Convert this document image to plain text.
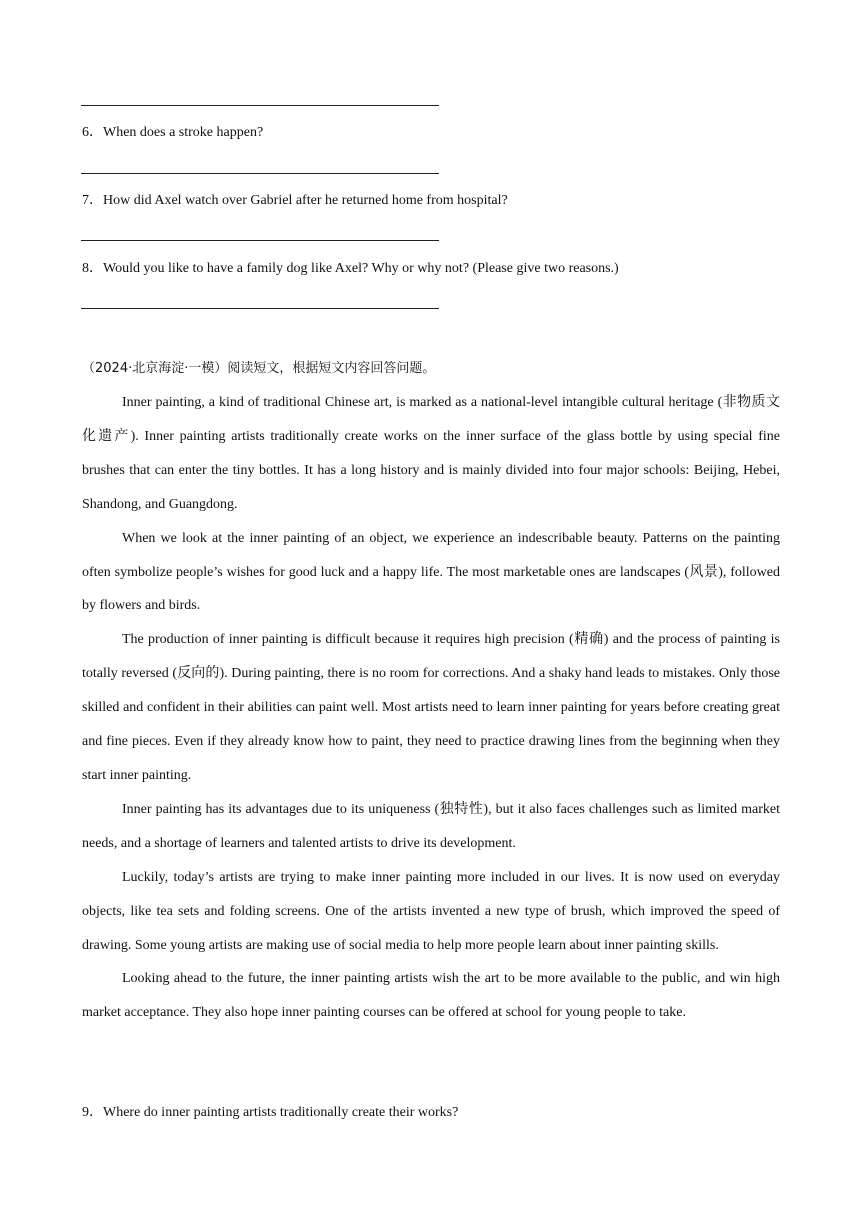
6．When does a stroke happen?
7．How did Axel watch over Gabriel after he returned home from hospital?
8．Would you like to have a family dog like Axel? Why or why not? (Please give two reasons.)
（2024·北京海淀·一模）阅读短文，根据短文内容回答问题。

Inner painting, a kind of traditional Chinese art, is marked as a national-level intangible cultural heritage (非物质文化遗产). Inner painting artists traditionally create works on the inner surface of the glass bottle by using special fine brushes that can enter the tiny bottles. It has a long history and is mainly divided into four major schools: Beijing, Hebei, Shandong, and Guangdong.

When we look at the inner painting of an object, we experience an indescribable beauty. Patterns on the painting often symbolize people’s wishes for good luck and a happy life. The most marketable ones are landscapes (风景), followed by flowers and birds.

The production of inner painting is difficult because it requires high precision (精确) and the process of painting is totally reversed (反向的). During painting, there is no room for corrections. And a shaky hand leads to mistakes. Only those skilled and confident in their abilities can paint well. Most artists need to learn inner painting for years before creating great and fine pieces. Even if they already know how to paint, they need to practice drawing lines from the beginning when they start inner painting.

Inner painting has its advantages due to its uniqueness (独特性), but it also faces challenges such as limited market needs, and a shortage of learners and talented artists to drive its development.

Luckily, today’s artists are trying to make inner painting more included in our lives. It is now used on everyday objects, like tea sets and folding screens. One of the artists invented a new type of brush, which improved the speed of drawing. Some young artists are making use of social media to help more people learn about inner painting skills.

Looking ahead to the future, the inner painting artists wish the art to be more available to the public, and win high market acceptance. They also hope inner painting courses can be offered at school for young people to take.

9．Where do inner painting artists traditionally create their works?
